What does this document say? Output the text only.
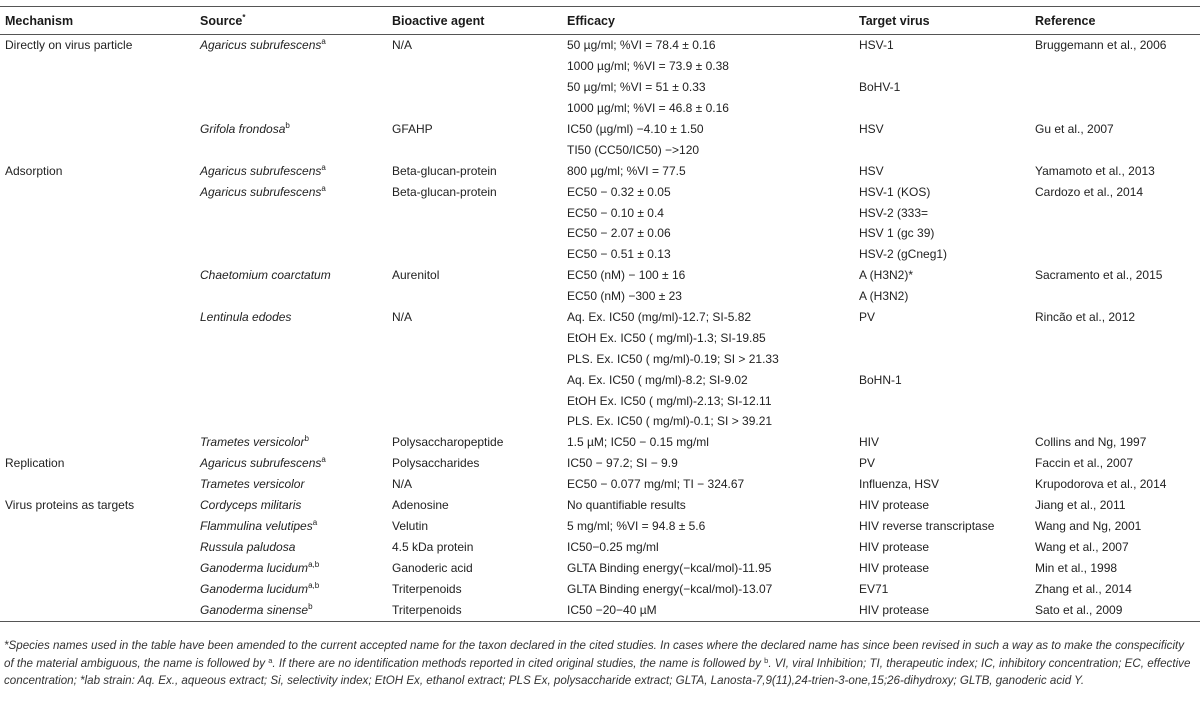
Mechanism	Source*	Bioactive agent	Efficacy	Target virus	Reference
Directly on virus particle	Agaricus subrufescens$^a$	N/A	50 µg/ml; %VI = 78.4 ± 0.16	HSV-1	Bruggemann et al., 2006
			1000 µg/ml; %VI = 73.9 ± 0.38		
			50 µg/ml; %VI = 51 ± 0.33	BoHV-1	
			1000 µg/ml; %VI = 46.8 ± 0.16		
	Grifola frondosa$^b$	GFAHP	IC50 (µg/ml) −4.10 ± 1.50	HSV	Gu et al., 2007
			TI50 (CC50/IC50) −>120		
Adsorption	Agaricus subrufescens$^a$	Beta-glucan-protein	800 µg/ml; %VI = 77.5	HSV	Yamamoto et al., 2013
	Agaricus subrufescens$^a$	Beta-glucan-protein	EC50 − 0.32 ± 0.05	HSV-1 (KOS)	Cardozo et al., 2014
			EC50 − 0.10 ± 0.4	HSV-2 (333=	
			EC50 − 2.07 ± 0.06	HSV 1 (gc 39)	
			EC50 − 0.51 ± 0.13	HSV-2 (gCneg1)	
	Chaetomium coarctatum	Aurenitol	EC50 (nM) − 100 ± 16	A (H3N2)*	Sacramento et al., 2015
			EC50 (nM) −300 ± 23	A (H3N2)	
	Lentinula edodes	N/A	Aq. Ex. IC50 (mg/ml)-12.7; SI-5.82	PV	Rincão et al., 2012
			EtOH Ex. IC50 ( mg/ml)-1.3; SI-19.85		
			PLS. Ex. IC50 ( mg/ml)-0.19; SI > 21.33		
			Aq. Ex. IC50 ( mg/ml)-8.2; SI-9.02	BoHN-1	
			EtOH Ex. IC50 ( mg/ml)-2.13; SI-12.11		
			PLS. Ex. IC50 ( mg/ml)-0.1; SI > 39.21		
	Trametes versicolor$^b$	Polysaccharopeptide	1.5 µM; IC50 − 0.15 mg/ml	HIV	Collins and Ng, 1997
Replication	Agaricus subrufescens$^a$	Polysaccharides	IC50 − 97.2; SI − 9.9	PV	Faccin et al., 2007
	Trametes versicolor	N/A	EC50 − 0.077 mg/ml; TI − 324.67	Influenza, HSV	Krupodorova et al., 2014
Virus proteins as targets	Cordyceps militaris	Adenosine	No quantifiable results	HIV protease	Jiang et al., 2011
	Flammulina velutipes$^a$	Velutin	5 mg/ml; %VI = 94.8 ± 5.6	HIV reverse transcriptase	Wang and Ng, 2001
	Russula paludosa	4.5 kDa protein	IC50−0.25 mg/ml	HIV protease	Wang et al., 2007
	Ganoderma lucidum$^{a,b}$	Ganoderic acid	GLTA Binding energy(−kcal/mol)-11.95	HIV protease	Min et al., 1998
	Ganoderma lucidum$^{a,b}$	Triterpenoids	GLTA Binding energy(−kcal/mol)-13.07	EV71	Zhang et al., 2014
	Ganoderma sinense$^b$	Triterpenoids	IC50 −20−40 µM	HIV protease	Sato et al., 2009

*Species names used in the table have been amended to the current accepted name for the taxon declared in the cited studies. In cases where the declared name has since been revised in such a way as to make the conspecificity of the material ambiguous, the name is followed by $^a$. If there are no identification methods reported in cited original studies, the name is followed by $^b$. VI, viral Inhibition; TI, therapeutic index; IC, inhibitory concentration; EC, effective concentration; *lab strain: Aq. Ex., aqueous extract; Si, selectivity index; EtOH Ex, ethanol extract; PLS Ex, polysaccharide extract; GLTA, Lanosta-7,9(11),24-trien-3-one,15;26-dihydroxy; GLTB, ganoderic acid Y.
